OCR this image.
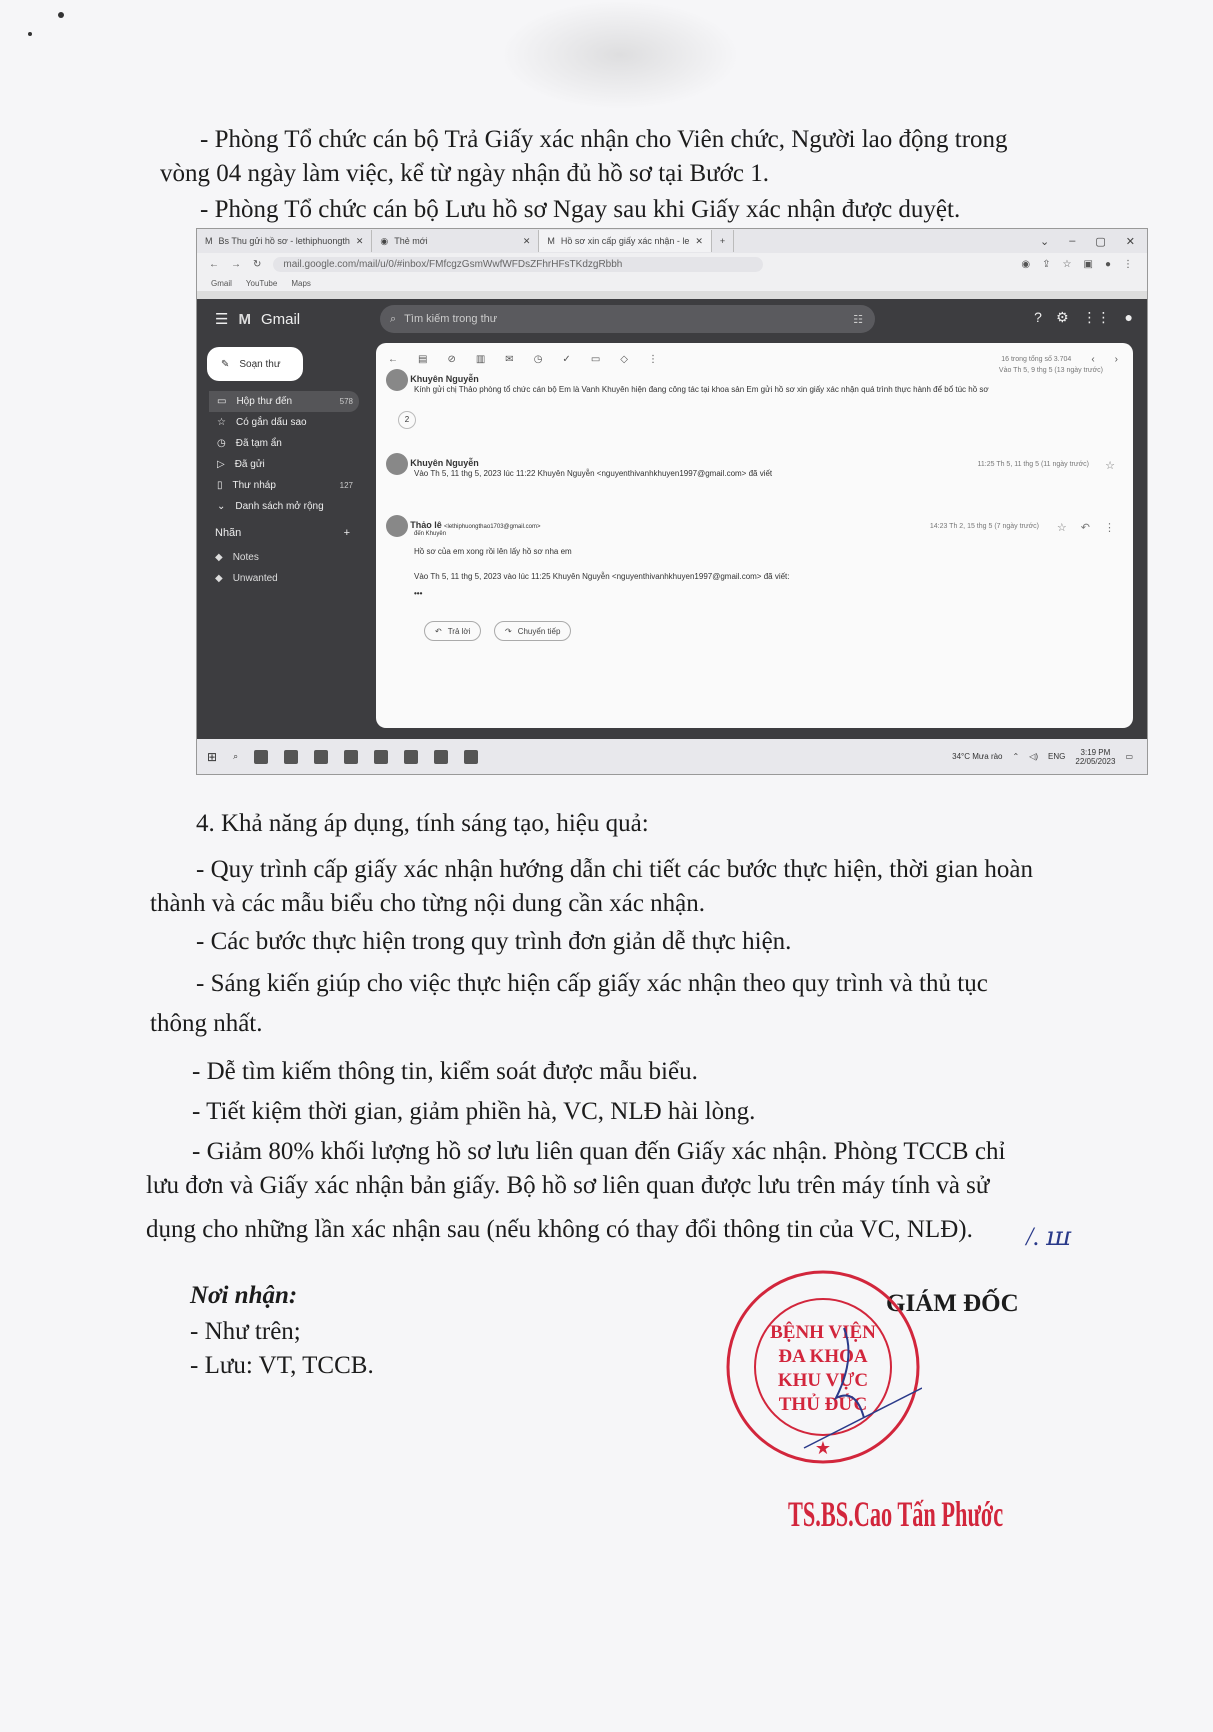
- Phòng Tổ chức cán bộ Trả Giấy xác nhận cho Viên chức, Người lao động trong
vòng 04 ngày làm việc, kể từ ngày nhận đủ hồ sơ tại Bước 1.
- Phòng Tổ chức cán bộ Lưu hồ sơ Ngay sau khi Giấy xác nhận được duyệt.
M Bs Thu gửi hồ sơ - lethiphuongth ✕ ◉ Thẻ mới	✕ M Hồ sơ xin cấp giấy xác nhận - le ✕	+	⌄ – ▢ ✕
← → ↻	mail.google.com/mail/u/0/#inbox/FMfcgzGsmWwfWFDsZFhrHFsTKdzgRbbh	◉ ⇪ ☆ ▣ ● ⋮
Gmail YouTube Maps
☰ M Gmail	⌕ Tìm kiếm trong thư	☷	? ⚙ ⋮⋮ ●
✎ Soạn thư
▭ Hộp thư đến	578
☆ Có gắn dấu sao
◷ Đã tạm ẩn
▷ Đã gửi
▯ Thư nháp	127
⌄ Danh sách mở rộng
Nhãn	+
◆ Notes
◆ Unwanted
← ▤ ⊘ ▥ ✉ ◷ ✓ ▭ ◇ ⋮	16 trong tổng số 3.704 ‹ ›
Khuyên Nguyễn
Kính gửi chị Thảo phòng tổ chức cán bộ Em là Vanh Khuyên hiện đang công tác tại khoa sản Em gửi hồ sơ xin giấy xác nhận quá trình thực hành để bổ túc hồ sơ
Vào Th 5, 9 thg 5 (13 ngày trước)
2
Khuyên Nguyễn
Vào Th 5, 11 thg 5, 2023 lúc 11:22 Khuyên Nguyễn <nguyenthivanhkhuyen1997@gmail.com> đã viết
11:25 Th 5, 11 thg 5 (11 ngày trước) ☆
Thảo lê <lethiphuongthao1703@gmail.com>
đến Khuyên
Hồ sơ của em xong rồi lên lấy hồ sơ nha em
Vào Th 5, 11 thg 5, 2023 vào lúc 11:25 Khuyên Nguyễn <nguyenthivanhkhuyen1997@gmail.com> đã viết:
•••
14:23 Th 2, 15 thg 5 (7 ngày trước) ☆ ↶ ⋮
↶ Trả lời	↷ Chuyển tiếp
⊞ ⌕	34°C Mưa rào ⌃ ◁) ENG 3:19 PM
22/05/2023 ▭
4. Khả năng áp dụng, tính sáng tạo, hiệu quả:
- Quy trình cấp giấy xác nhận hướng dẫn chi tiết các bước thực hiện, thời gian hoàn
thành và các mẫu biểu cho từng nội dung cần xác nhận.
- Các bước thực hiện trong quy trình đơn giản dễ thực hiện.
- Sáng kiến giúp cho việc thực hiện cấp giấy xác nhận theo quy trình và thủ tục
thông nhất.
- Dễ tìm kiếm thông tin, kiểm soát được mẫu biểu.
- Tiết kiệm thời gian, giảm phiền hà, VC, NLĐ hài lòng.
- Giảm 80% khối lượng hồ sơ lưu liên quan đến Giấy xác nhận. Phòng TCCB chỉ
lưu đơn và Giấy xác nhận bản giấy. Bộ hồ sơ liên quan được lưu trên máy tính và sử
dụng cho những lần xác nhận sau (nếu không có thay đổi thông tin của VC, NLĐ). /. ꟺ
Nơi nhận:
- Như trên;
- Lưu: VT, TCCB.
GIÁM ĐỐC
BỆNH VIỆN
ĐA KHOA
KHU VỰC
THỦ ĐỨC
★
TS.BS.Cao Tấn Phước
